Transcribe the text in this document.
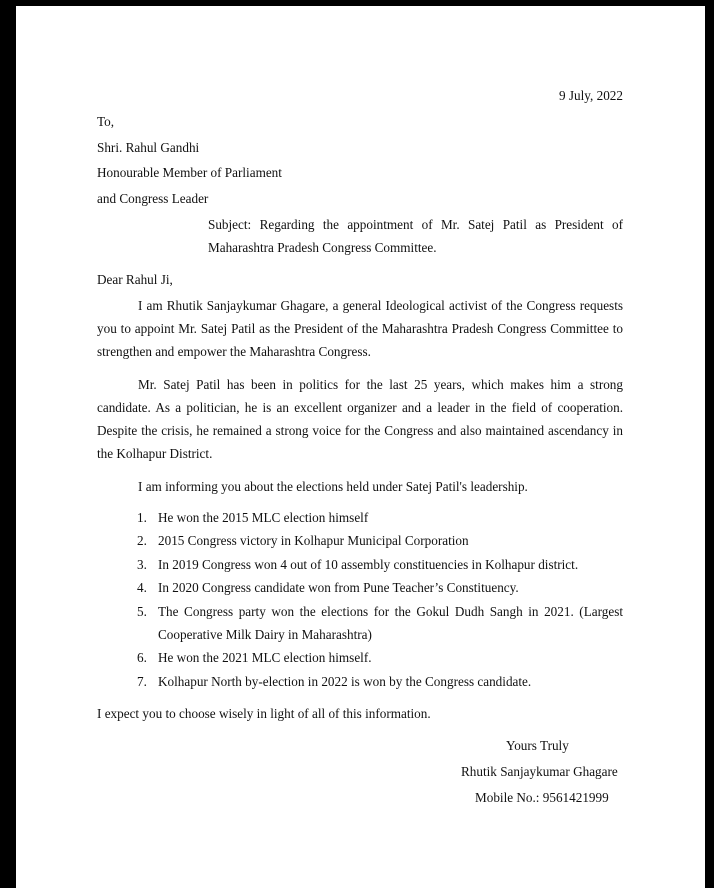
9 July, 2022
To,
Shri. Rahul Gandhi
Honourable Member of Parliament
and Congress Leader
Subject: Regarding the appointment of Mr. Satej Patil as President of Maharashtra Pradesh Congress Committee.
Dear Rahul Ji,
I am Rhutik Sanjaykumar Ghagare, a general Ideological activist of the Congress requests you to appoint Mr. Satej Patil as the President of the Maharashtra Pradesh Congress Committee to strengthen and empower the Maharashtra Congress.
Mr. Satej Patil has been in politics for the last 25 years, which makes him a strong candidate. As a politician, he is an excellent organizer and a leader in the field of cooperation. Despite the crisis, he remained a strong voice for the Congress and also maintained ascendancy in the Kolhapur District.
I am informing you about the elections held under Satej Patil's leadership.
1. He won the 2015 MLC election himself
2. 2015 Congress victory in Kolhapur Municipal Corporation
3. In 2019 Congress won 4 out of 10 assembly constituencies in Kolhapur district.
4. In 2020 Congress candidate won from Pune Teacher’s Constituency.
5. The Congress party won the elections for the Gokul Dudh Sangh in 2021. (Largest Cooperative Milk Dairy in Maharashtra)
6. He won the 2021 MLC election himself.
7. Kolhapur North by-election in 2022 is won by the Congress candidate.
I expect you to choose wisely in light of all of this information.
Yours Truly
Rhutik Sanjaykumar Ghagare
Mobile No.: 9561421999
